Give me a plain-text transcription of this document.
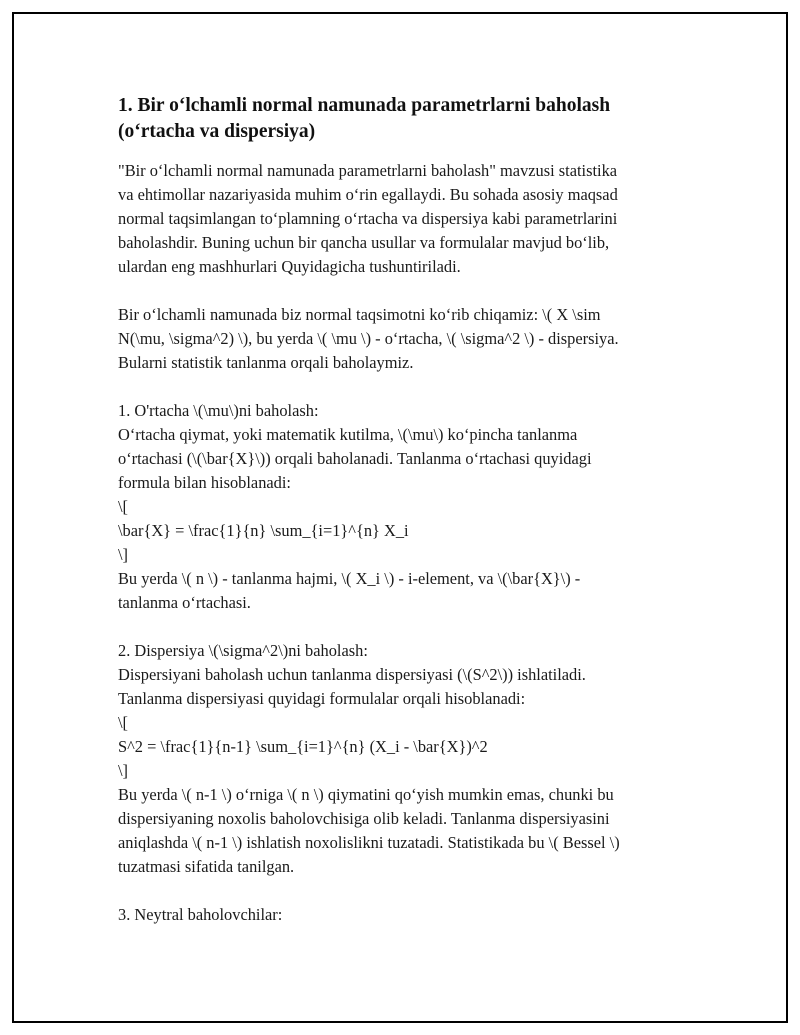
1. Bir o‘lchamli normal namunada parametrlarni baholash
(o‘rtacha va dispersiya)
"Bir o‘lchamli normal namunada parametrlarni baholash" mavzusi statistika
va ehtimollar nazariyasida muhim o‘rin egallaydi. Bu sohada asosiy maqsad
normal taqsimlangan to‘plamning o‘rtacha va dispersiya kabi parametrlarini
baholashdir. Buning uchun bir qancha usullar va formulalar mavjud bo‘lib,
ulardan eng mashhurlari Quyidagicha tushuntiriladi.
Bir o‘lchamli namunada biz normal taqsimotni ko‘rib chiqamiz: \( X \sim
N(\mu, \sigma^2) \), bu yerda \( \mu \) - o‘rtacha, \( \sigma^2 \) - dispersiya.
Bularni statistik tanlanma orqali baholaymiz.
1. O'rtacha \(\mu\)ni baholash:
O‘rtacha qiymat, yoki matematik kutilma, \(\mu\) ko‘pincha tanlanma
o‘rtachasi (\(\bar{X}\)) orqali baholanadi. Tanlanma o‘rtachasi quyidagi
formula bilan hisoblanadi:
\[
\bar{X} = \frac{1}{n} \sum_{i=1}^{n} X_i
\]
Bu yerda \( n \) - tanlanma hajmi, \( X_i \) - i-element, va \(\bar{X}\) -
tanlanma o‘rtachasi.
2. Dispersiya \(\sigma^2\)ni baholash:
Dispersiyani baholash uchun tanlanma dispersiyasi (\(S^2\)) ishlatiladi.
Tanlanma dispersiyasi quyidagi formulalar orqali hisoblanadi:
\[
S^2 = \frac{1}{n-1} \sum_{i=1}^{n} (X_i - \bar{X})^2
\]
Bu yerda \( n-1 \) o‘rniga \( n \) qiymatini qo‘yish mumkin emas, chunki bu
dispersiyaning noxolis baholovchisiga olib keladi. Tanlanma dispersiyasini
aniqlashda \( n-1 \) ishlatish noxolislikni tuzatadi. Statistikada bu \( Bessel \)
tuzatmasi sifatida tanilgan.
3. Neytral baholovchilar:
